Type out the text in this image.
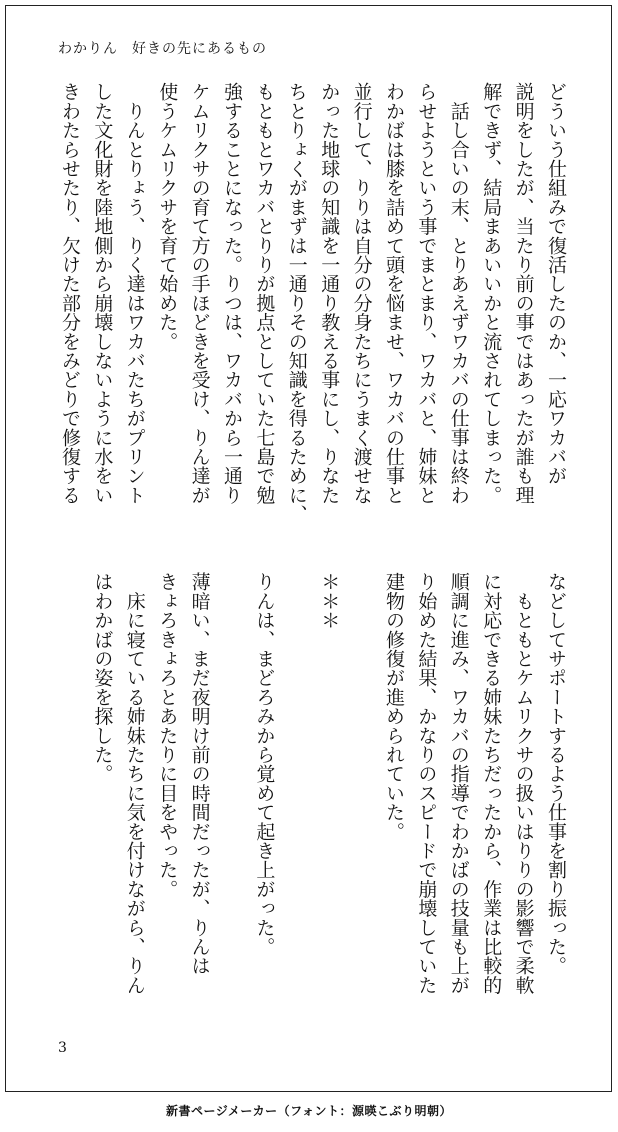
わかりん 好きの先にあるもの
どういう仕組みで復活したのか、一応ワカバが
説明をしたが、当たり前の事ではあったが誰も理
解できず、結局まあいいかと流されてしまった。
　話し合いの末、とりあえずワカバの仕事は終わ
らせようという事でまとまり、ワカバと、姉妹と
わかばは膝を詰めて頭を悩ませ、ワカバの仕事と
並行して、りりは自分の分身たちにうまく渡せな
かった地球の知識を一通り教える事にし、りなた
ちとりょくがまずは一通りその知識を得るために、
もともとワカバとりりが拠点としていた七島で勉
強することになった。りつは、ワカバから一通り
ケムリクサの育て方の手ほどきを受け、りん達が
使うケムリクサを育て始めた。
　りんとりょう、りく達はワカバたちがプリント
した文化財を陸地側から崩壊しないように水をい
きわたらせたり、欠けた部分をみどりで修復する
などしてサポートするよう仕事を割り振った。
　もともとケムリクサの扱いはりりの影響で柔軟
に対応できる姉妹たちだったから、作業は比較的
順調に進み、ワカバの指導でわかばの技量も上が
り始めた結果、かなりのスピードで崩壊していた
建物の修復が進められていた。
＊＊＊
りんは、まどろみから覚めて起き上がった。
薄暗い、まだ夜明け前の時間だったが、りんは
きょろきょろとあたりに目をやった。
　床に寝ている姉妹たちに気を付けながら、りん
はわかばの姿を探した。
3
新書ページメーカー（フォント：源暎こぶり明朝）
